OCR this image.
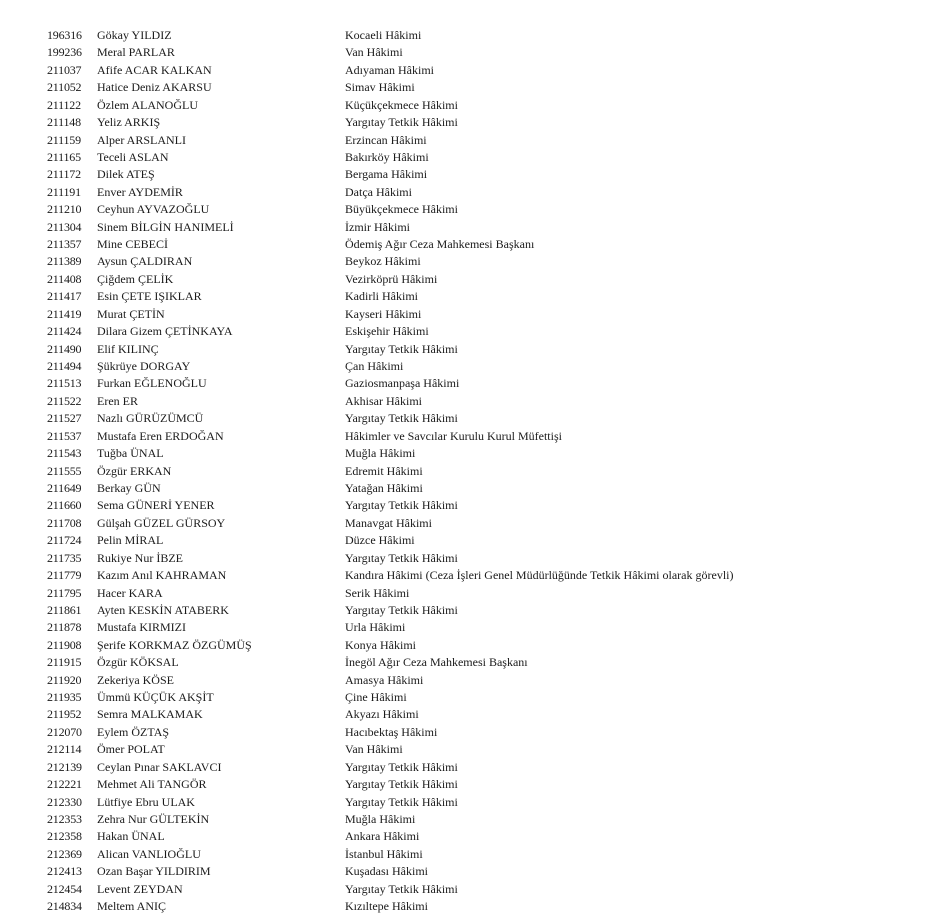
196316 Gökay YILDIZ	Kocaeli Hâkimi
199236 Meral PARLAR	Van Hâkimi
211037 Afife ACAR KALKAN	Adıyaman Hâkimi
211052 Hatice Deniz AKARSU	Simav Hâkimi
211122 Özlem ALANOĞLU	Küçükçekmece Hâkimi
211148 Yeliz ARKIŞ	Yargıtay Tetkik Hâkimi
211159 Alper ARSLANLI	Erzincan Hâkimi
211165 Teceli ASLAN	Bakırköy Hâkimi
211172 Dilek ATEŞ	Bergama Hâkimi
211191 Enver AYDEMİR	Datça Hâkimi
211210 Ceyhun AYVAZOĞLU	Büyükçekmece Hâkimi
211304 Sinem BİLGİN HANIMELİ	İzmir Hâkimi
211357 Mine CEBECİ	Ödemiş Ağır Ceza Mahkemesi Başkanı
211389 Aysun ÇALDIRAN	Beykoz Hâkimi
211408 Çiğdem ÇELİK	Vezirköprü Hâkimi
211417 Esin ÇETE IŞIKLAR	Kadirli Hâkimi
211419 Murat ÇETİN	Kayseri Hâkimi
211424 Dilara Gizem ÇETİNKAYA	Eskişehir Hâkimi
211490 Elif KILINÇ	Yargıtay Tetkik Hâkimi
211494 Şükrüye DORGAY	Çan Hâkimi
211513 Furkan EĞLENOĞLU	Gaziosmanpaşa Hâkimi
211522 Eren ER	Akhisar Hâkimi
211527 Nazlı GÜRÜZÜMCÜ	Yargıtay Tetkik Hâkimi
211537 Mustafa Eren ERDOĞAN	Hâkimler ve Savcılar Kurulu Kurul Müfettişi
211543 Tuğba ÜNAL	Muğla Hâkimi
211555 Özgür ERKAN	Edremit Hâkimi
211649 Berkay GÜN	Yatağan Hâkimi
211660 Sema GÜNERİ YENER	Yargıtay Tetkik Hâkimi
211708 Gülşah GÜZEL GÜRSOY	Manavgat Hâkimi
211724 Pelin MİRAL	Düzce Hâkimi
211735 Rukiye Nur İBZE	Yargıtay Tetkik Hâkimi
211779 Kazım Anıl KAHRAMAN	Kandıra Hâkimi (Ceza İşleri Genel Müdürlüğünde Tetkik Hâkimi olarak görevli)
211795 Hacer KARA	Serik Hâkimi
211861 Ayten KESKİN ATABERK	Yargıtay Tetkik Hâkimi
211878 Mustafa KIRMIZI	Urla Hâkimi
211908 Şerife KORKMAZ ÖZGÜMÜŞ	Konya Hâkimi
211915 Özgür KÖKSAL	İnegöl Ağır Ceza Mahkemesi Başkanı
211920 Zekeriya KÖSE	Amasya Hâkimi
211935 Ümmü KÜÇÜK AKŞİT	Çine Hâkimi
211952 Semra MALKAMAK	Akyazı Hâkimi
212070 Eylem ÖZTAŞ	Hacıbektaş Hâkimi
212114 Ömer POLAT	Van Hâkimi
212139 Ceylan Pınar SAKLAVCI	Yargıtay Tetkik Hâkimi
212221 Mehmet Ali TANGÖR	Yargıtay Tetkik Hâkimi
212330 Lütfiye Ebru ULAK	Yargıtay Tetkik Hâkimi
212353 Zehra Nur GÜLTEKİN	Muğla Hâkimi
212358 Hakan ÜNAL	Ankara Hâkimi
212369 Alican VANLIOĞLU	İstanbul Hâkimi
212413 Ozan Başar YILDIRIM	Kuşadası Hâkimi
212454 Levent ZEYDAN	Yargıtay Tetkik Hâkimi
214834 Meltem ANIÇ	Kızıltepe Hâkimi
